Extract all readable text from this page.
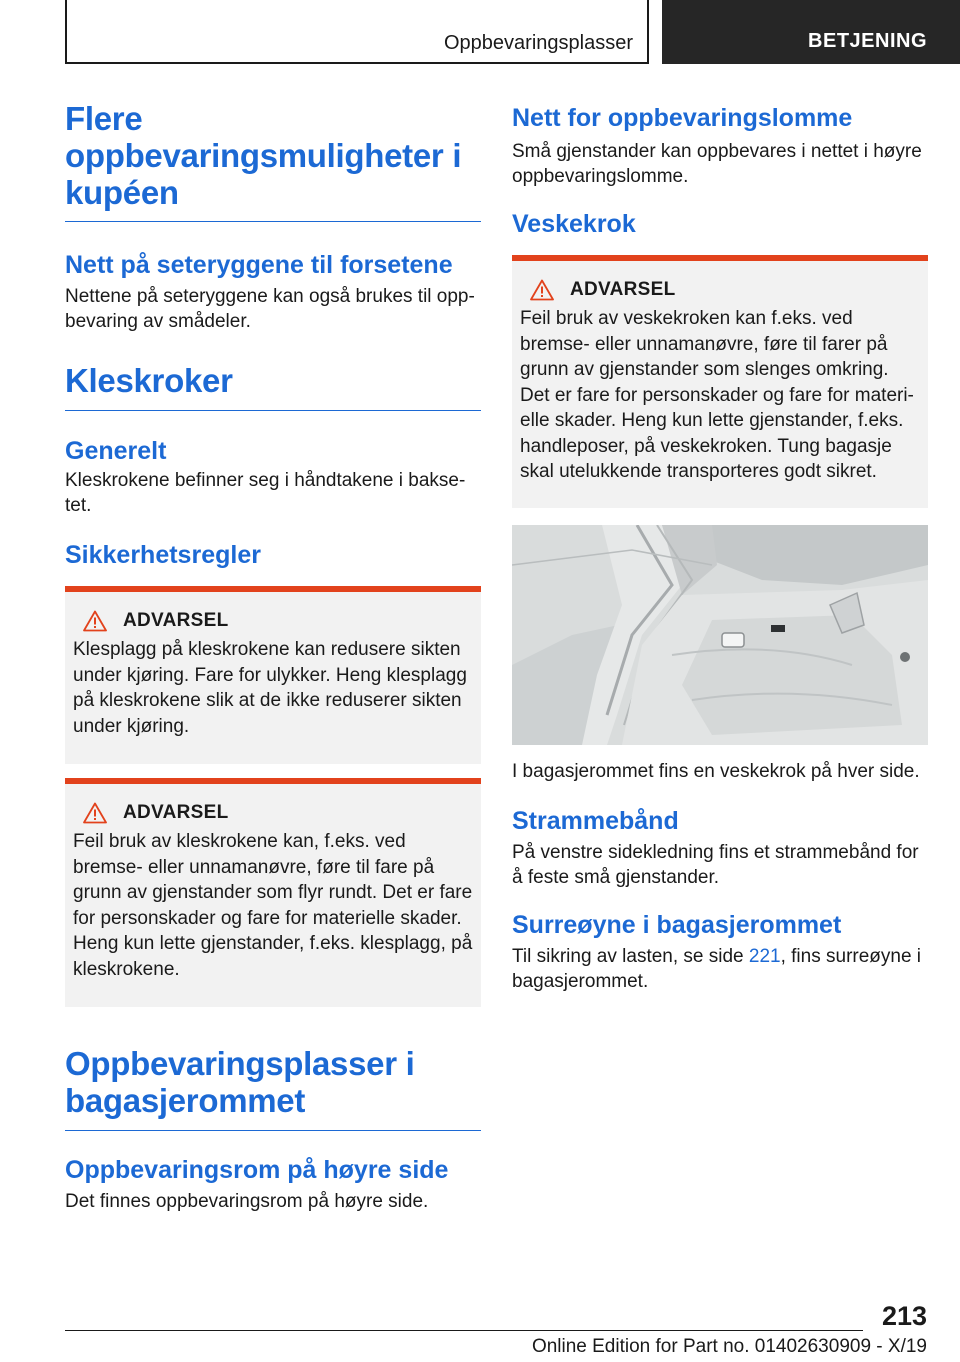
Oppbevaringsplasser	BETJENING
Flere oppbevaringsmuligheter i kupéen
Nett på seteryggene til forsetene

Nettene på seteryggene kan også brukes til opp-bevaring av smådeler.

Kleskroker
Generelt

Kleskrokene befinner seg i håndtakene i bakse-tet.

Sikkerhetsregler
ADVARSEL

Klesplagg på kleskrokene kan redusere sikten under kjøring. Fare for ulykker. Heng klesplagg på kleskrokene slik at de ikke reduserer sikten under kjøring.

ADVARSEL

Feil bruk av kleskrokene kan, f.eks. ved bremse- eller unnamanøvre, føre til fare på grunn av gjenstander som flyr rundt. Det er fare for personskader og fare for materielle skader. Heng kun lette gjenstander, f.eks. klesplagg, på kleskrokene.

Oppbevaringsplasser i bagasjerommet
Oppbevaringsrom på høyre side

Det finnes oppbevaringsrom på høyre side.

Nett for oppbevaringslomme

Små gjenstander kan oppbevares i nettet i høyre oppbevaringslomme.

Veskekrok
ADVARSEL

Feil bruk av veskekroken kan f.eks. ved bremse- eller unnamanøvre, føre til farer på grunn av gjenstander som slenges omkring. Det er fare for personskader og fare for materi-elle skader. Heng kun lette gjenstander, f.eks. handleposer, på veskekroken. Tung bagasje skal utelukkende transporteres godt sikret.

I bagasjerommet fins en veskekrok på hver side.

Strammebånd

På venstre sidekledning fins et strammebånd for å feste små gjenstander.

Surreøyne i bagasjerommet

Til sikring av lasten, se side 221, fins surreøyne i bagasjerommet.

213
Online Edition for Part no. 01402630909 - X/19
